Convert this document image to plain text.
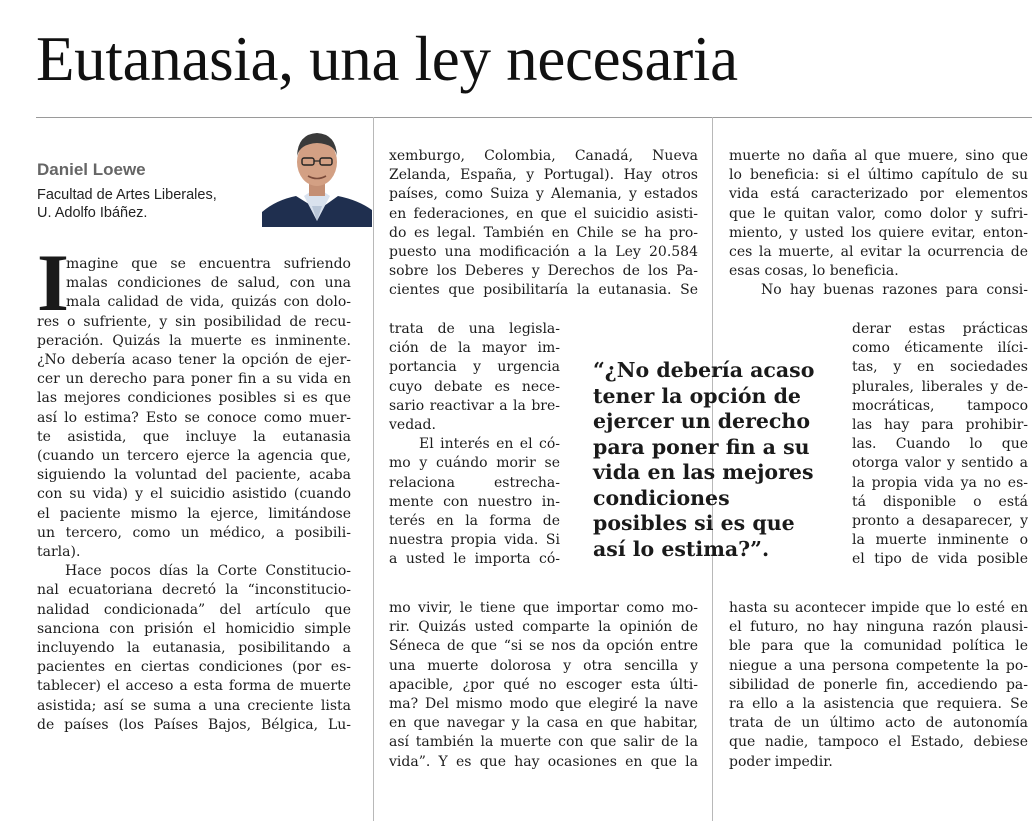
Eutanasia, una ley necesaria
Daniel Loewe
Facultad de Artes Liberales,
U. Adolfo Ibáñez.
I
magine que se encuentra sufriendo
malas condiciones de salud, con una
mala calidad de vida, quizás con dolo-
res o sufriente, y sin posibilidad de recu-
peración. Quizás la muerte es inminente.
¿No debería acaso tener la opción de ejer-
cer un derecho para poner fin a su vida en
las mejores condiciones posibles si es que
así lo estima? Esto se conoce como muer-
te asistida, que incluye la eutanasia
(cuando un tercero ejerce la agencia que,
siguiendo la voluntad del paciente, acaba
con su vida) y el suicidio asistido (cuando
el paciente mismo la ejerce, limitándose
un tercero, como un médico, a posibili-
tarla).
Hace pocos días la Corte Constitucio-
nal ecuatoriana decretó la “inconstitucio-
nalidad condicionada” del artículo que
sanciona con prisión el homicidio simple
incluyendo la eutanasia, posibilitando a
pacientes en ciertas condiciones (por es-
tablecer) el acceso a esta forma de muerte
asistida; así se suma a una creciente lista
de países (los Países Bajos, Bélgica, Lu-
xemburgo, Colombia, Canadá, Nueva
Zelanda, España, y Portugal). Hay otros
países, como Suiza y Alemania, y estados
en federaciones, en que el suicidio asisti-
do es legal. También en Chile se ha pro-
puesto una modificación a la Ley 20.584
sobre los Deberes y Derechos de los Pa-
cientes que posibilitaría la eutanasia. Se
trata de una legisla-
ción de la mayor im-
portancia y urgencia
cuyo debate es nece-
sario reactivar a la bre-
vedad.
El interés en el có-
mo y cuándo morir se
relaciona estrecha-
mente con nuestro in-
terés en la forma de
nuestra propia vida. Si
a usted le importa có-
mo vivir, le tiene que importar como mo-
rir. Quizás usted comparte la opinión de
Séneca de que “si se nos da opción entre
una muerte dolorosa y otra sencilla y
apacible, ¿por qué no escoger esta últi-
ma? Del mismo modo que elegiré la nave
en que navegar y la casa en que habitar,
así también la muerte con que salir de la
vida”. Y es que hay ocasiones en que la
muerte no daña al que muere, sino que
lo beneficia: si el último capítulo de su
vida está caracterizado por elementos
que le quitan valor, como dolor y sufri-
miento, y usted los quiere evitar, enton-
ces la muerte, al evitar la ocurrencia de
esas cosas, lo beneficia.
No hay buenas razones para consi-
derar estas prácticas
como éticamente ilíci-
tas, y en sociedades
plurales, liberales y de-
mocráticas, tampoco
las hay para prohibir-
las. Cuando lo que
otorga valor y sentido a
la propia vida ya no es-
tá disponible o está
pronto a desaparecer, y
la muerte inminente o
el tipo de vida posible
hasta su acontecer impide que lo esté en
el futuro, no hay ninguna razón plausi-
ble para que la comunidad política le
niegue a una persona competente la po-
sibilidad de ponerle fin, accediendo pa-
ra ello a la asistencia que requiera. Se
trata de un último acto de autonomía
que nadie, tampoco el Estado, debiese
poder impedir.
“¿No debería acaso
tener la opción de
ejercer un derecho
para poner fin a su
vida en las mejores
condiciones
posibles si es que
así lo estima?”.
